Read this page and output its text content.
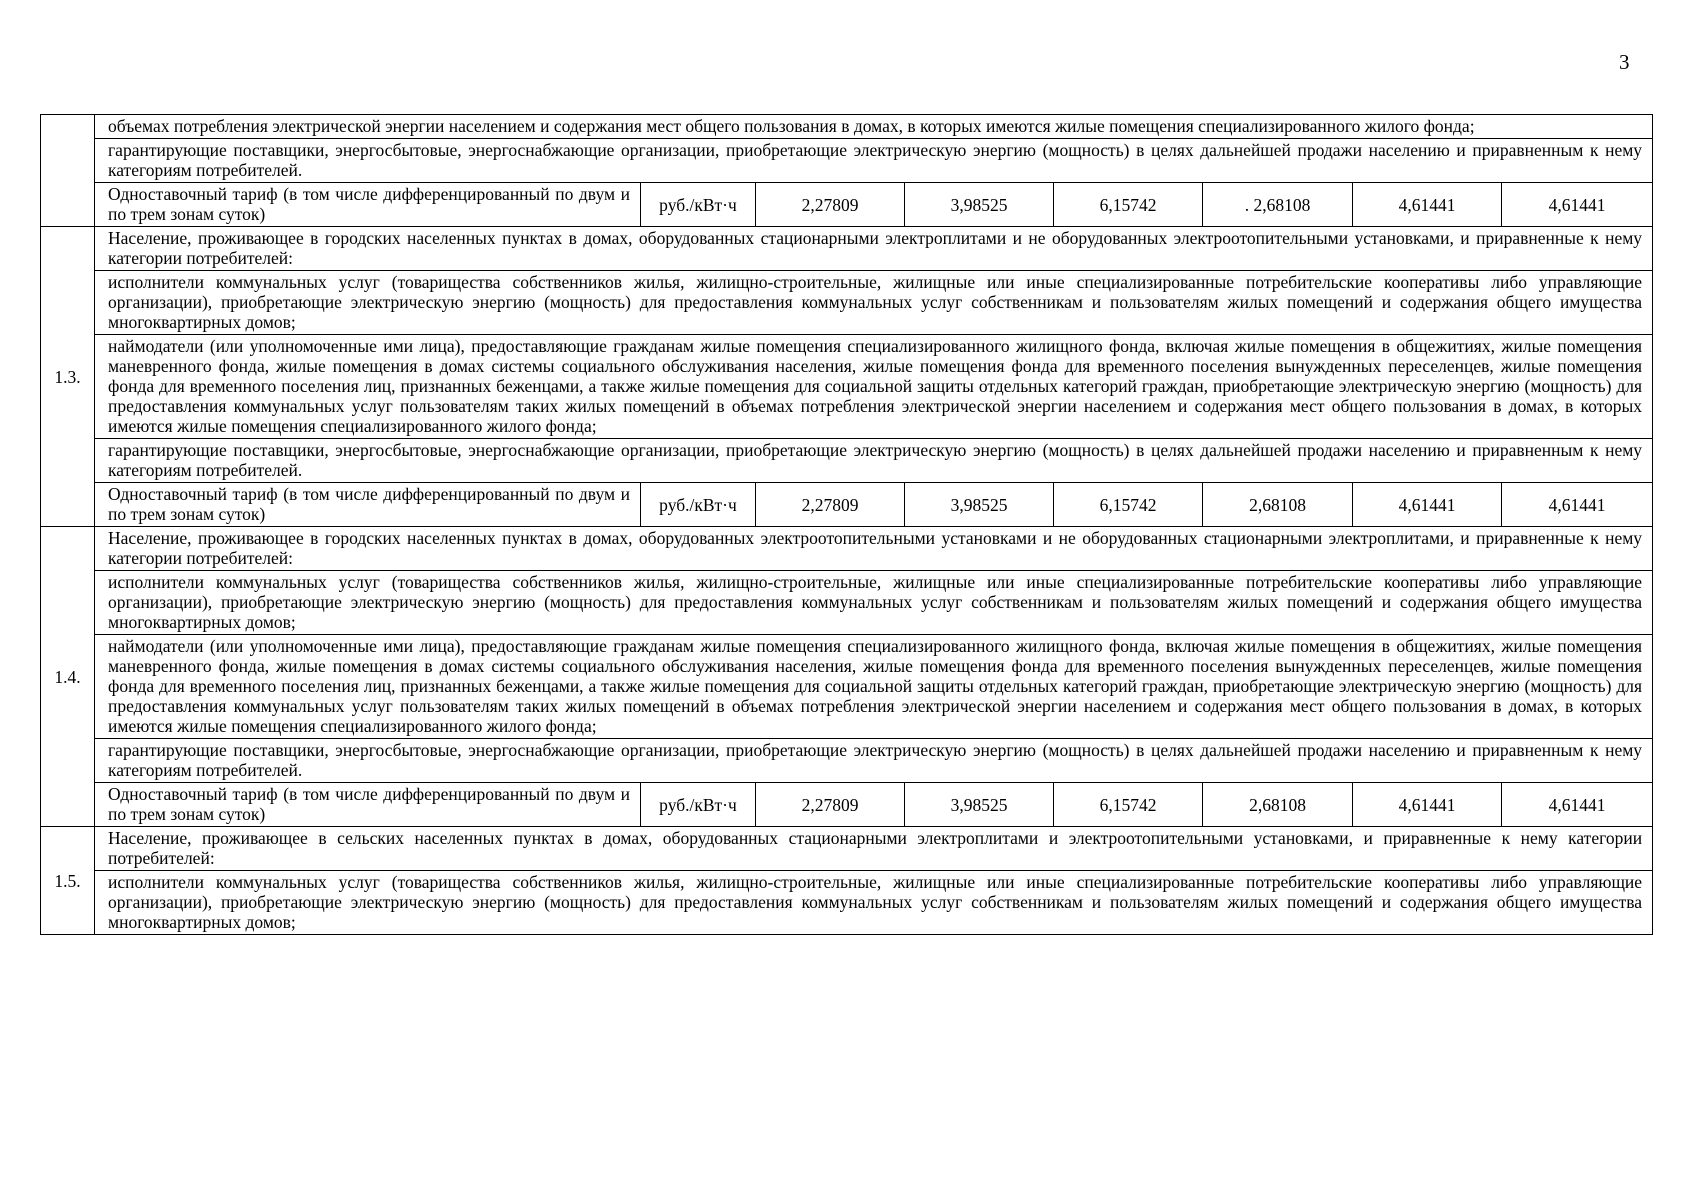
3
	объемах потребления электрической энергии населением и содержания мест общего пользования в домах, в которых имеются жилые помещения специализированного жилого фонда;							
	гарантирующие поставщики, энергосбытовые, энергоснабжающие организации, приобретающие электрическую энергию (мощность) в целях дальнейшей продажи населению и приравненным к нему категориям потребителей.							
	Одноставочный тариф (в том числе дифференцированный по двум и по трем зонам суток)	руб./кВт·ч	2,27809	3,98525	6,15742	. 2,68108	4,61441	4,61441
1.3.	Население, проживающее в городских населенных пунктах в домах, оборудованных стационарными электроплитами и не оборудованных электроотопительными установками, и приравненные к нему категории потребителей:							
	исполнители коммунальных услуг (товарищества собственников жилья, жилищно-строительные, жилищные или иные специализированные потребительские кооперативы либо управляющие организации), приобретающие электрическую энергию (мощность) для предоставления коммунальных услуг собственникам и пользователям жилых помещений и содержания общего имущества многоквартирных домов;							
	наймодатели (или уполномоченные ими лица), предоставляющие гражданам жилые помещения специализированного жилищного фонда, включая жилые помещения в общежитиях, жилые помещения маневренного фонда, жилые помещения в домах системы социального обслуживания населения, жилые помещения фонда для временного поселения вынужденных переселенцев, жилые помещения фонда для временного поселения лиц, признанных беженцами, а также жилые помещения для социальной защиты отдельных категорий граждан, приобретающие электрическую энергию (мощность) для предоставления коммунальных услуг пользователям таких жилых помещений в объемах потребления электрической энергии населением и содержания мест общего пользования в домах, в которых имеются жилые помещения специализированного жилого фонда;							
	гарантирующие поставщики, энергосбытовые, энергоснабжающие организации, приобретающие электрическую энергию (мощность) в целях дальнейшей продажи населению и приравненным к нему категориям потребителей.							
	Одноставочный тариф (в том числе дифференцированный по двум и по трем зонам суток)	руб./кВт·ч	2,27809	3,98525	6,15742	2,68108	4,61441	4,61441
1.4.	Население, проживающее в городских населенных пунктах в домах, оборудованных электроотопительными установками и не оборудованных стационарными электроплитами, и приравненные к нему категории потребителей:							
	исполнители коммунальных услуг (товарищества собственников жилья, жилищно-строительные, жилищные или иные специализированные потребительские кооперативы либо управляющие организации), приобретающие электрическую энергию (мощность) для предоставления коммунальных услуг собственникам и пользователям жилых помещений и содержания общего имущества многоквартирных домов;							
	наймодатели (или уполномоченные ими лица), предоставляющие гражданам жилые помещения специализированного жилищного фонда, включая жилые помещения в общежитиях, жилые помещения маневренного фонда, жилые помещения в домах системы социального обслуживания населения, жилые помещения фонда для временного поселения вынужденных переселенцев, жилые помещения фонда для временного поселения лиц, признанных беженцами, а также жилые помещения для социальной защиты отдельных категорий граждан, приобретающие электрическую энергию (мощность) для предоставления коммунальных услуг пользователям таких жилых помещений в объемах потребления электрической энергии населением и содержания мест общего пользования в домах, в которых имеются жилые помещения специализированного жилого фонда;							
	гарантирующие поставщики, энергосбытовые, энергоснабжающие организации, приобретающие электрическую энергию (мощность) в целях дальнейшей продажи населению и приравненным к нему категориям потребителей.							
	Одноставочный тариф (в том числе дифференцированный по двум и по трем зонам суток)	руб./кВт·ч	2,27809	3,98525	6,15742	2,68108	4,61441	4,61441
1.5.	Население, проживающее в сельских населенных пунктах в домах, оборудованных стационарными электроплитами и электроотопительными установками, и приравненные к нему категории потребителей:							
	исполнители коммунальных услуг (товарищества собственников жилья, жилищно-строительные, жилищные или иные специализированные потребительские кооперативы либо управляющие организации), приобретающие электрическую энергию (мощность) для предоставления коммунальных услуг собственникам и пользователям жилых помещений и содержания общего имущества многоквартирных домов;							
